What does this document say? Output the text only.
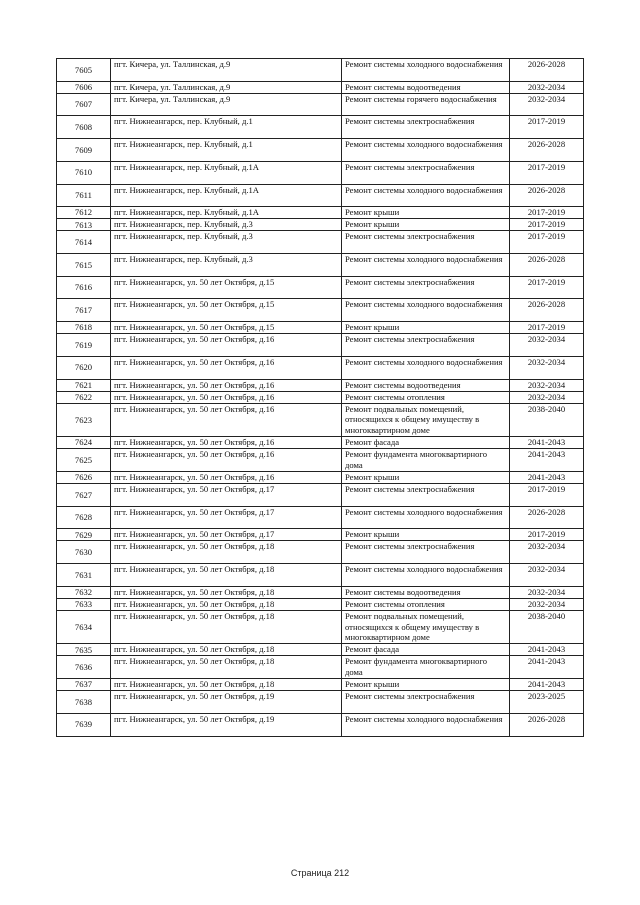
7605	пгт. Кичера, ул. Таллинская, д.9	Ремонт системы холодного водоснабжения	2026-2028
7606	пгт. Кичера, ул. Таллинская, д.9	Ремонт системы водоотведения	2032-2034
7607	пгт. Кичера, ул. Таллинская, д.9	Ремонт системы горячего водоснабжения	2032-2034
7608	пгт. Нижнеангарск, пер. Клубный, д.1	Ремонт системы электроснабжения	2017-2019
7609	пгт. Нижнеангарск, пер. Клубный, д.1	Ремонт системы холодного водоснабжения	2026-2028
7610	пгт. Нижнеангарск, пер. Клубный, д.1А	Ремонт системы электроснабжения	2017-2019
7611	пгт. Нижнеангарск, пер. Клубный, д.1А	Ремонт системы холодного водоснабжения	2026-2028
7612	пгт. Нижнеангарск, пер. Клубный, д.1А	Ремонт крыши	2017-2019
7613	пгт. Нижнеангарск, пер. Клубный, д.3	Ремонт крыши	2017-2019
7614	пгт. Нижнеангарск, пер. Клубный, д.3	Ремонт системы электроснабжения	2017-2019
7615	пгт. Нижнеангарск, пер. Клубный, д.3	Ремонт системы холодного водоснабжения	2026-2028
7616	пгт. Нижнеангарск, ул. 50 лет Октября, д.15	Ремонт системы электроснабжения	2017-2019
7617	пгт. Нижнеангарск, ул. 50 лет Октября, д.15	Ремонт системы холодного водоснабжения	2026-2028
7618	пгт. Нижнеангарск, ул. 50 лет Октября, д.15	Ремонт крыши	2017-2019
7619	пгт. Нижнеангарск, ул. 50 лет Октября, д.16	Ремонт системы электроснабжения	2032-2034
7620	пгт. Нижнеангарск, ул. 50 лет Октября, д.16	Ремонт системы холодного водоснабжения	2032-2034
7621	пгт. Нижнеангарск, ул. 50 лет Октября, д.16	Ремонт системы водоотведения	2032-2034
7622	пгт. Нижнеангарск, ул. 50 лет Октября, д.16	Ремонт системы отопления	2032-2034
7623	пгт. Нижнеангарск, ул. 50 лет Октября, д.16	Ремонт подвальных помещений, относящихся к общему имуществу в многоквартирном доме	2038-2040
7624	пгт. Нижнеангарск, ул. 50 лет Октября, д.16	Ремонт фасада	2041-2043
7625	пгт. Нижнеангарск, ул. 50 лет Октября, д.16	Ремонт фундамента многоквартирного дома	2041-2043
7626	пгт. Нижнеангарск, ул. 50 лет Октября, д.16	Ремонт крыши	2041-2043
7627	пгт. Нижнеангарск, ул. 50 лет Октября, д.17	Ремонт системы электроснабжения	2017-2019
7628	пгт. Нижнеангарск, ул. 50 лет Октября, д.17	Ремонт системы холодного водоснабжения	2026-2028
7629	пгт. Нижнеангарск, ул. 50 лет Октября, д.17	Ремонт крыши	2017-2019
7630	пгт. Нижнеангарск, ул. 50 лет Октября, д.18	Ремонт системы электроснабжения	2032-2034
7631	пгт. Нижнеангарск, ул. 50 лет Октября, д.18	Ремонт системы холодного водоснабжения	2032-2034
7632	пгт. Нижнеангарск, ул. 50 лет Октября, д.18	Ремонт системы водоотведения	2032-2034
7633	пгт. Нижнеангарск, ул. 50 лет Октября, д.18	Ремонт системы отопления	2032-2034
7634	пгт. Нижнеангарск, ул. 50 лет Октября, д.18	Ремонт подвальных помещений, относящихся к общему имуществу в многоквартирном доме	2038-2040
7635	пгт. Нижнеангарск, ул. 50 лет Октября, д.18	Ремонт фасада	2041-2043
7636	пгт. Нижнеангарск, ул. 50 лет Октября, д.18	Ремонт фундамента многоквартирного дома	2041-2043
7637	пгт. Нижнеангарск, ул. 50 лет Октября, д.18	Ремонт крыши	2041-2043
7638	пгт. Нижнеангарск, ул. 50 лет Октября, д.19	Ремонт системы электроснабжения	2023-2025
7639	пгт. Нижнеангарск, ул. 50 лет Октября, д.19	Ремонт системы холодного водоснабжения	2026-2028
Страница 212
